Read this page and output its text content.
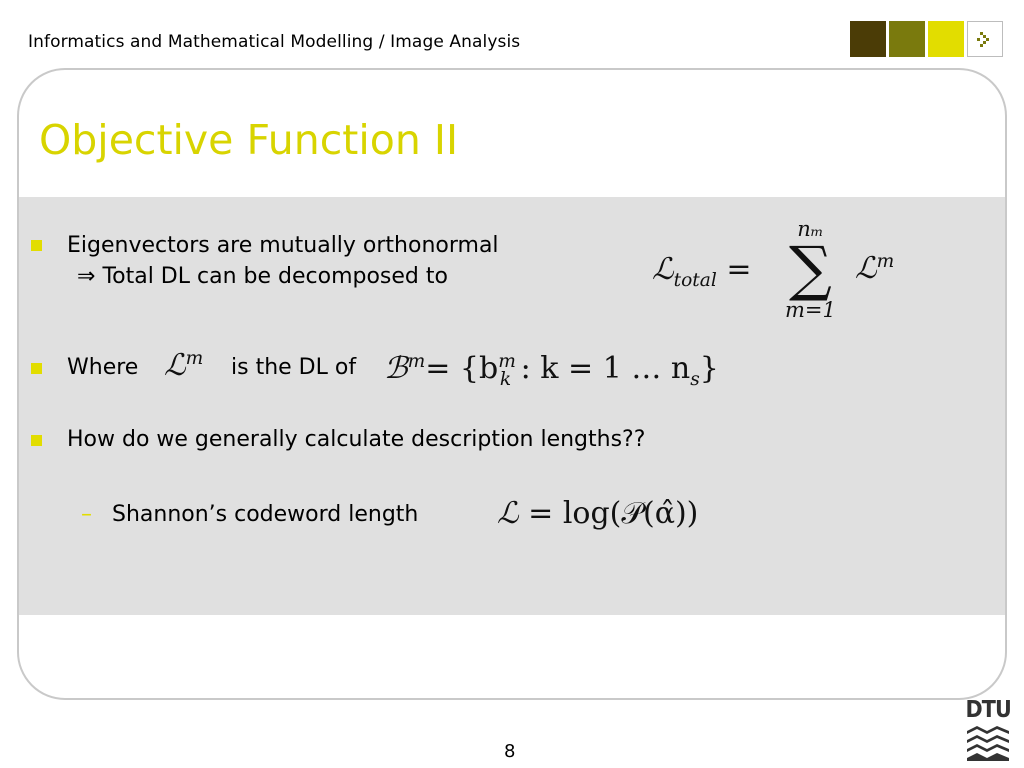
Informatics and Mathematical Modelling / Image Analysis
Objective Function II
Eigenvectors are mutually orthonormal
⇒ Total DL can be decomposed to	ℒ$_{total}$ =
nₘ
∑
m=1
ℒ$^m$
Where ℒ$^m$ is the DL of ℬ$^m$= {$b^m_k$ : k = 1 … $n_s$}
How do we generally calculate description lengths??
– Shannon’s codeword length	ℒ = log(𝒫(α̂))
8
DTU
